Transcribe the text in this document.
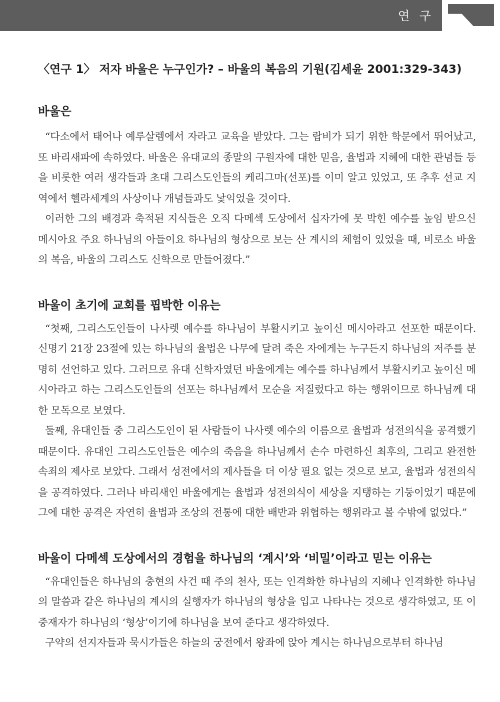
연 구
〈연구 1〉 저자 바울은 누구인가? – 바울의 복음의 기원(김세윤 2001:329-343)
바울은

“다소에서 태어나 예루살렘에서 자라고 교육을 받았다. 그는 랍비가 되기 위한 학문에서 뛰어났고, 또 바리새파에 속하였다. 바울은 유대교의 종말의 구원자에 대한 믿음, 율법과 지혜에 대한 관념들 등을 비롯한 여러 생각들과 초대 그리스도인들의 케리그마(선포)를 이미 알고 있었고, 또 추후 선교 지역에서 헬라세계의 사상이나 개념들과도 낯익었을 것이다.

이러한 그의 배경과 축적된 지식들은 오직 다메섹 도상에서 십자가에 못 박힌 예수를 높임 받으신 메시아요 주요 하나님의 아들이요 하나님의 형상으로 보는 산 계시의 체험이 있었을 때, 비로소 바울의 복음, 바울의 그리스도 신학으로 만들어졌다.”

바울이 초기에 교회를 핍박한 이유는

“첫째, 그리스도인들이 나사렛 예수를 하나님이 부활시키고 높이신 메시아라고 선포한 때문이다. 신명기 21장 23절에 있는 하나님의 율법은 나무에 달려 죽은 자에게는 누구든지 하나님의 저주를 분명히 선언하고 있다. 그러므로 유대 신학자였던 바울에게는 예수를 하나님께서 부활시키고 높이신 메시아라고 하는 그리스도인들의 선포는 하나님께서 모순을 저질렀다고 하는 행위이므로 하나님께 대한 모독으로 보였다.

둘째, 유대인들 중 그리스도인이 된 사람들이 나사렛 예수의 이름으로 율법과 성전의식을 공격했기 때문이다. 유대인 그리스도인들은 예수의 죽음을 하나님께서 손수 마련하신 최후의, 그리고 완전한 속죄의 제사로 보았다. 그래서 성전에서의 제사들을 더 이상 필요 없는 것으로 보고, 율법과 성전의식을 공격하였다. 그러나 바리새인 바울에게는 율법과 성전의식이 세상을 지탱하는 기둥이었기 때문에 그에 대한 공격은 자연히 율법과 조상의 전통에 대한 배반과 위협하는 행위라고 볼 수밖에 없었다.”

바울이 다메섹 도상에서의 경험을 하나님의 ‘계시’와 ‘비밀’이라고 믿는 이유는

“유대인들은 하나님의 충현의 사건 때 주의 천사, 또는 인격화한 하나님의 지혜나 인격화한 하나님의 말씀과 같은 하나님의 계시의 실행자가 하나님의 형상을 입고 나타나는 것으로 생각하였고, 또 이 중재자가 하나님의 ‘형상’이기에 하나님을 보여 준다고 생각하였다.

구약의 선지자들과 묵시가들은 하늘의 궁전에서 왕좌에 앉아 계시는 하나님으로부터 하나님
